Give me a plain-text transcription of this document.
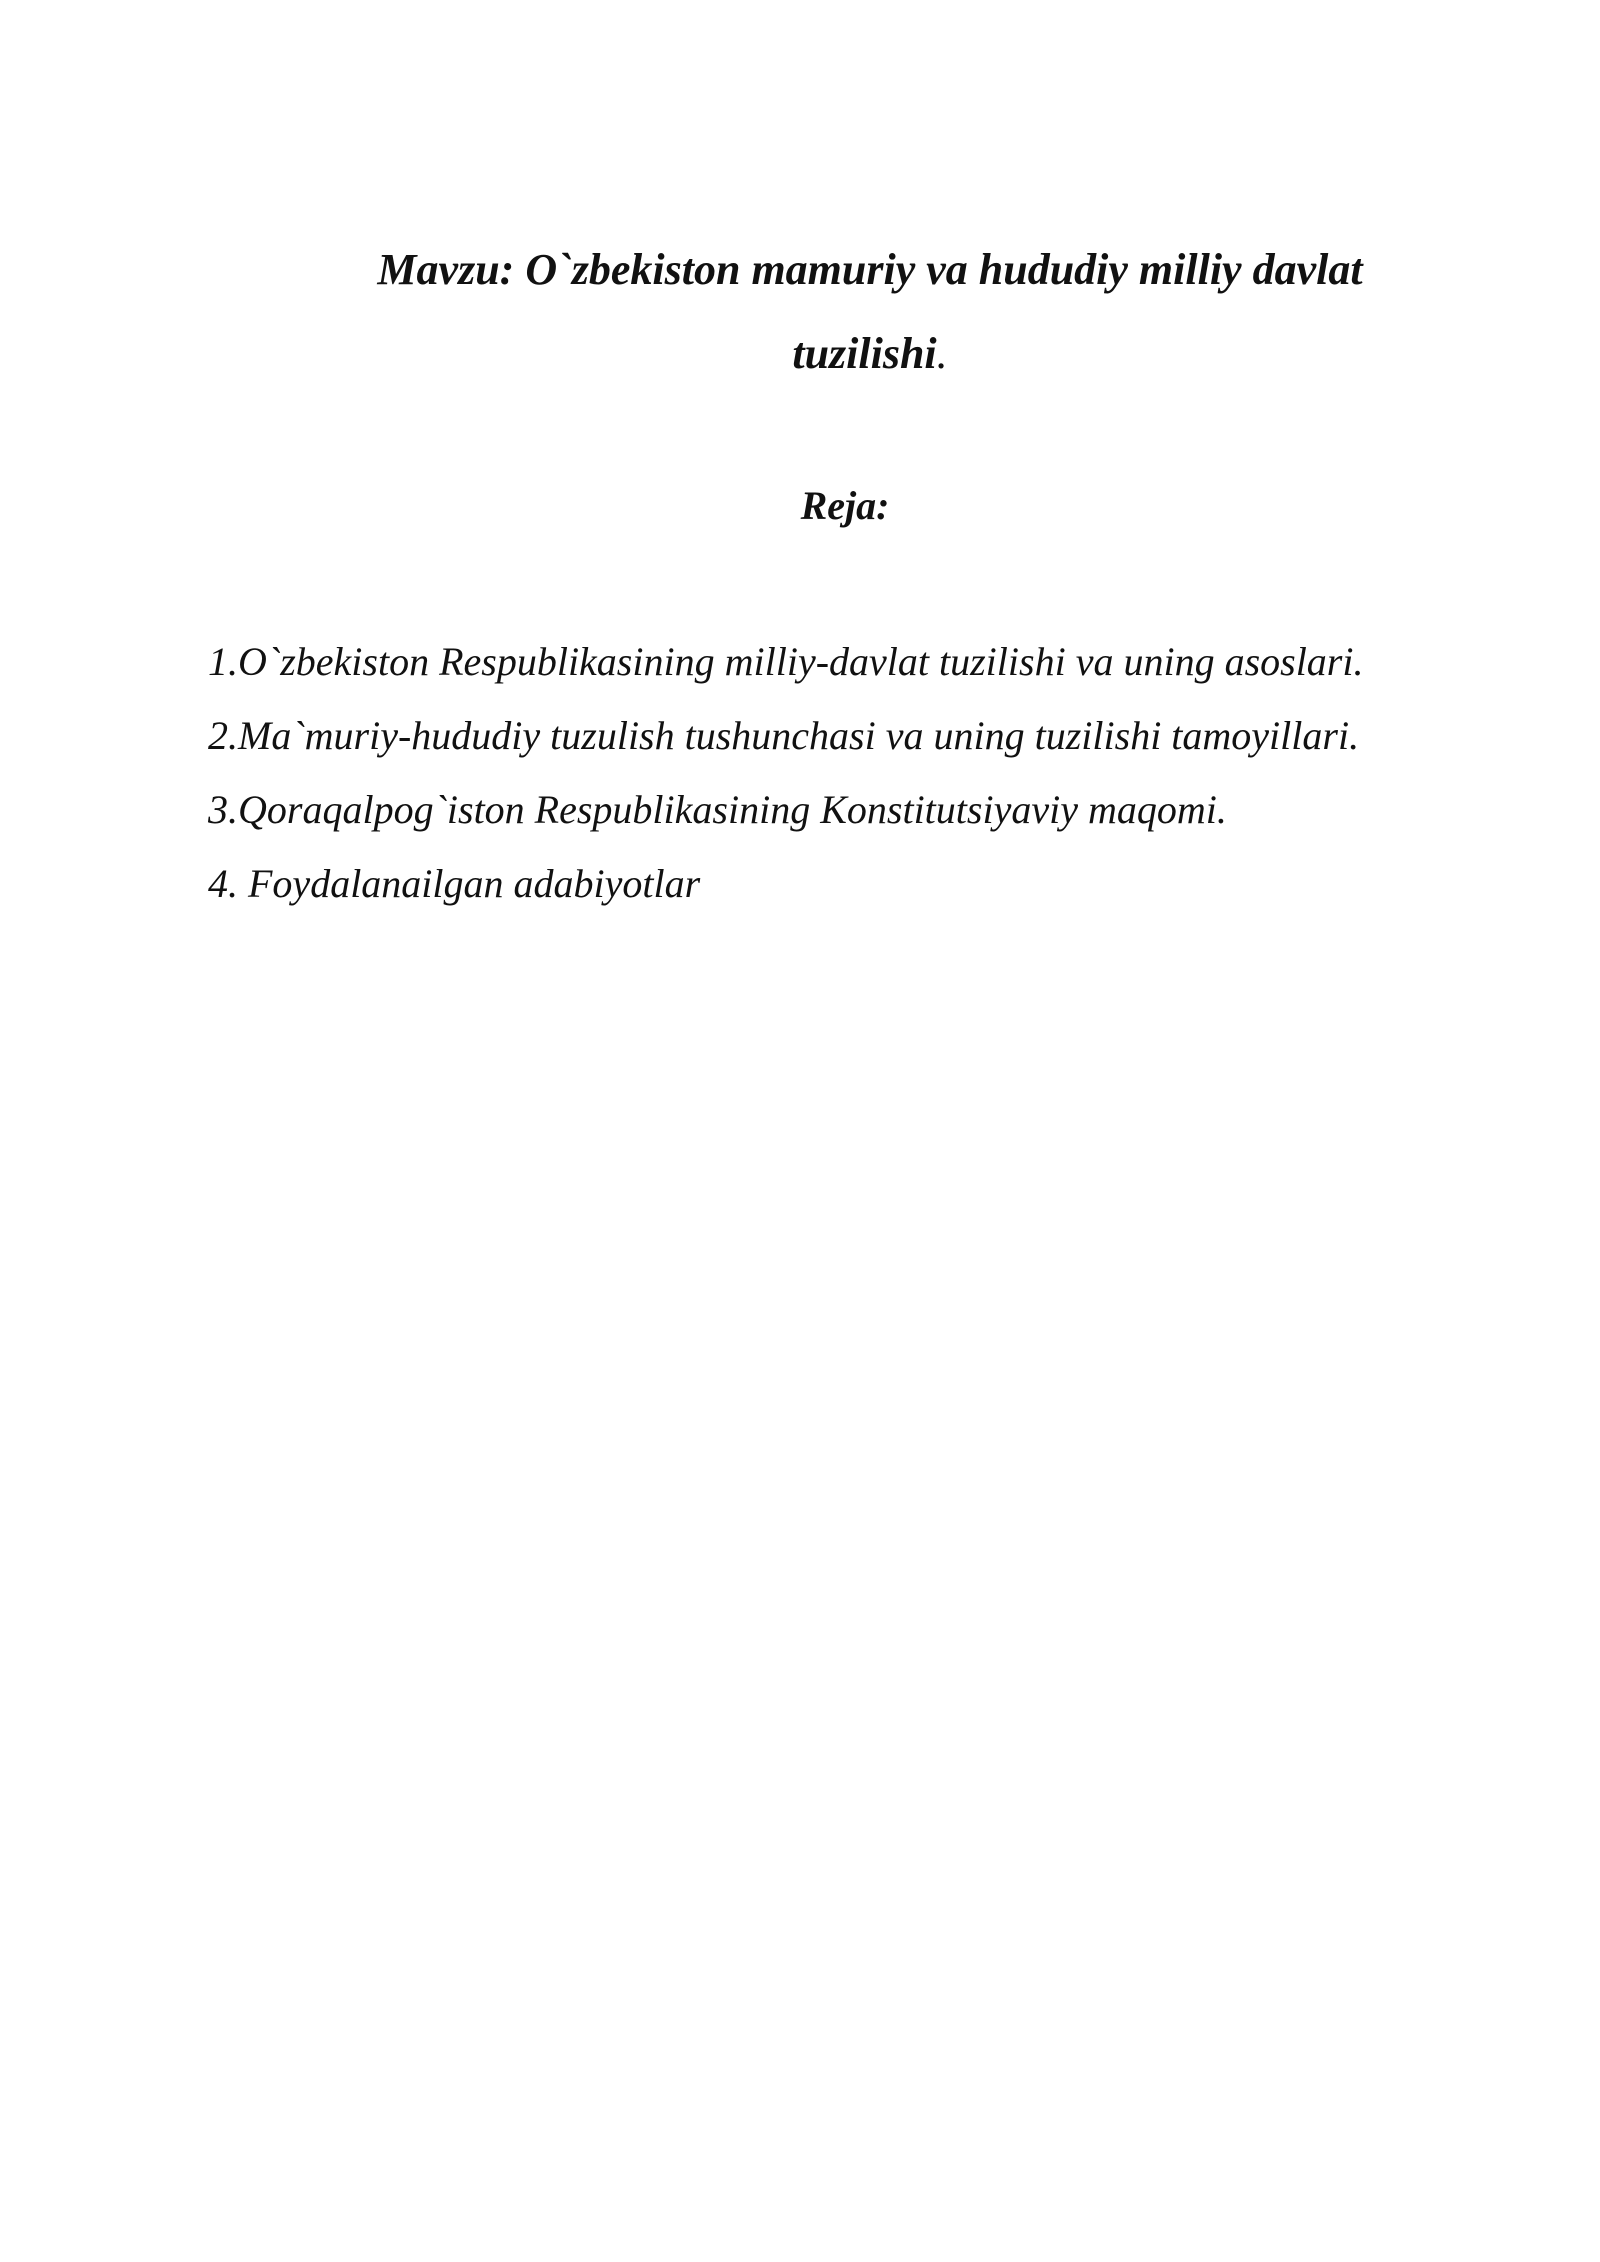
Mavzu: O`zbekiston mamuriy va hududiy milliy davlat tuzilishi.
Reja:
1.O`zbekiston Respublikasining milliy-davlat tuzilishi va uning asoslari.
2.Ma`muriy-hududiy tuzulish tushunchasi va uning tuzilishi tamoyillari.
3.Qoraqalpog`iston Respublikasining Konstitutsiyaviy maqomi.
4. Foydalanailgan adabiyotlar
